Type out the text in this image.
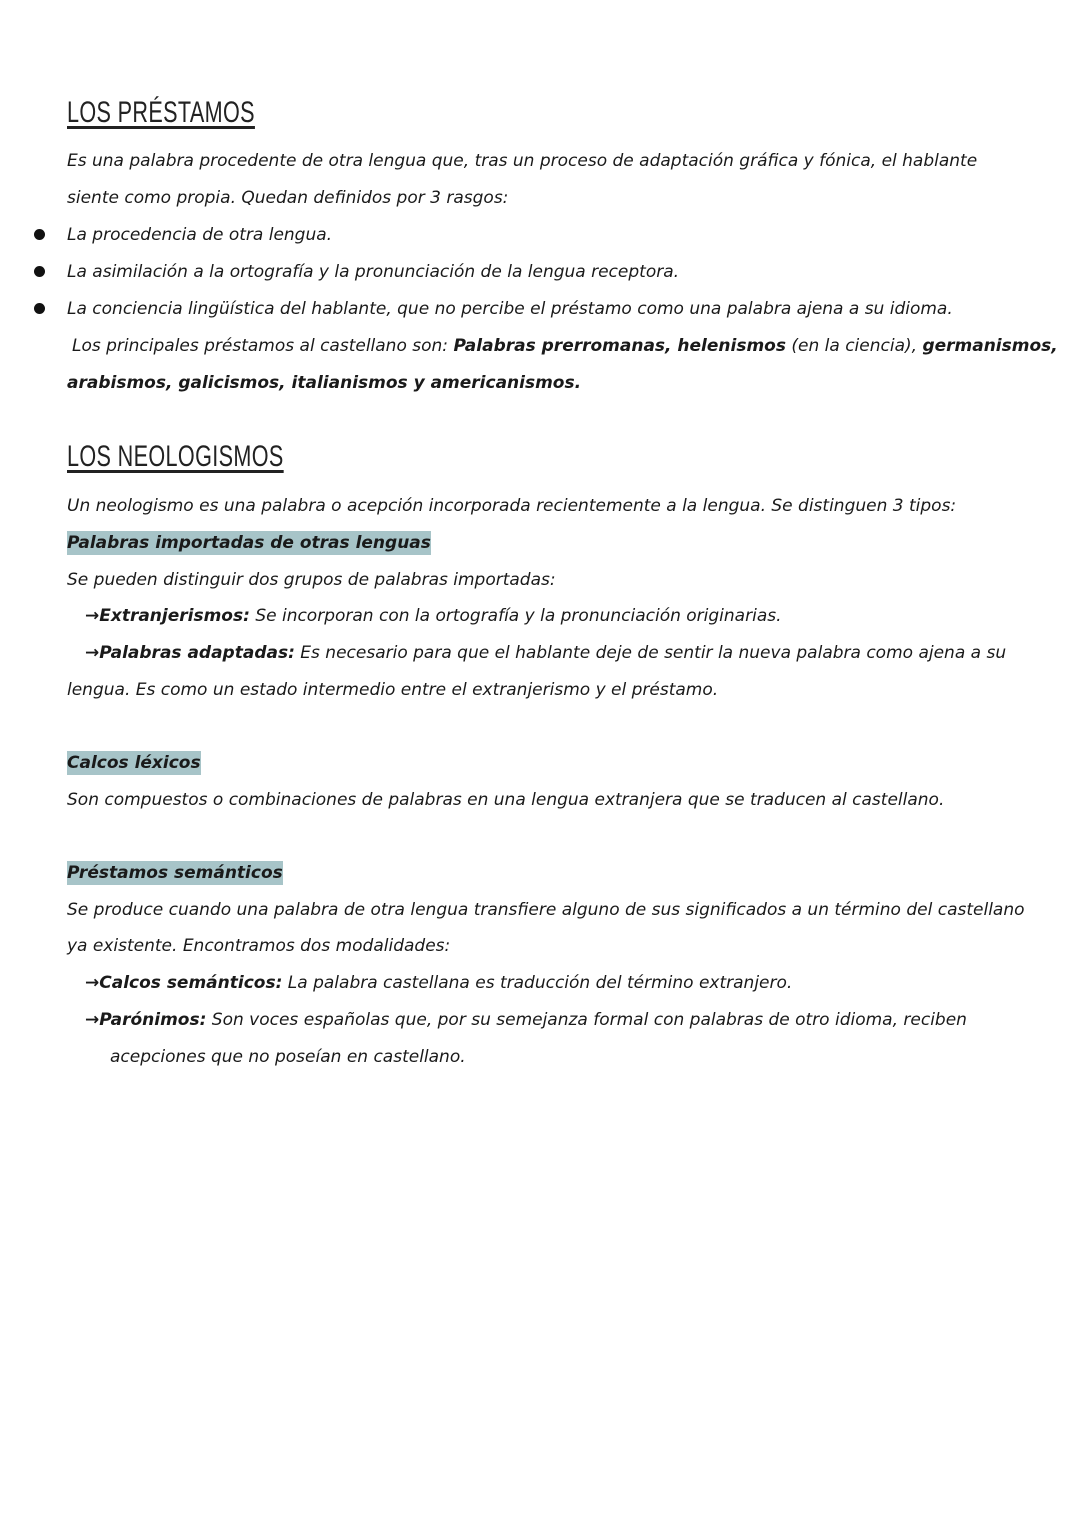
LOS PRÉSTAMOS
Es una palabra procedente de otra lengua que, tras un proceso de adaptación gráfica y fónica, el hablante
siente como propia. Quedan definidos por 3 rasgos:
La procedencia de otra lengua.
La asimilación a la ortografía y la pronunciación de la lengua receptora.
La conciencia lingüística del hablante, que no percibe el préstamo como una palabra ajena a su idioma.
Los principales préstamos al castellano son: Palabras prerromanas, helenismos (en la ciencia), germanismos,
arabismos, galicismos, italianismos y americanismos.
LOS NEOLOGISMOS
Un neologismo es una palabra o acepción incorporada recientemente a la lengua. Se distinguen 3 tipos:
Palabras importadas de otras lenguas
Se pueden distinguir dos grupos de palabras importadas:
→Extranjerismos: Se incorporan con la ortografía y la pronunciación originarias.
→Palabras adaptadas: Es necesario para que el hablante deje de sentir la nueva palabra como ajena a su
lengua. Es como un estado intermedio entre el extranjerismo y el préstamo.
Calcos léxicos
Son compuestos o combinaciones de palabras en una lengua extranjera que se traducen al castellano.
Préstamos semánticos
Se produce cuando una palabra de otra lengua transfiere alguno de sus significados a un término del castellano
ya existente. Encontramos dos modalidades:
→Calcos semánticos: La palabra castellana es traducción del término extranjero.
→Parónimos: Son voces españolas que, por su semejanza formal con palabras de otro idioma, reciben
acepciones que no poseían en castellano.
